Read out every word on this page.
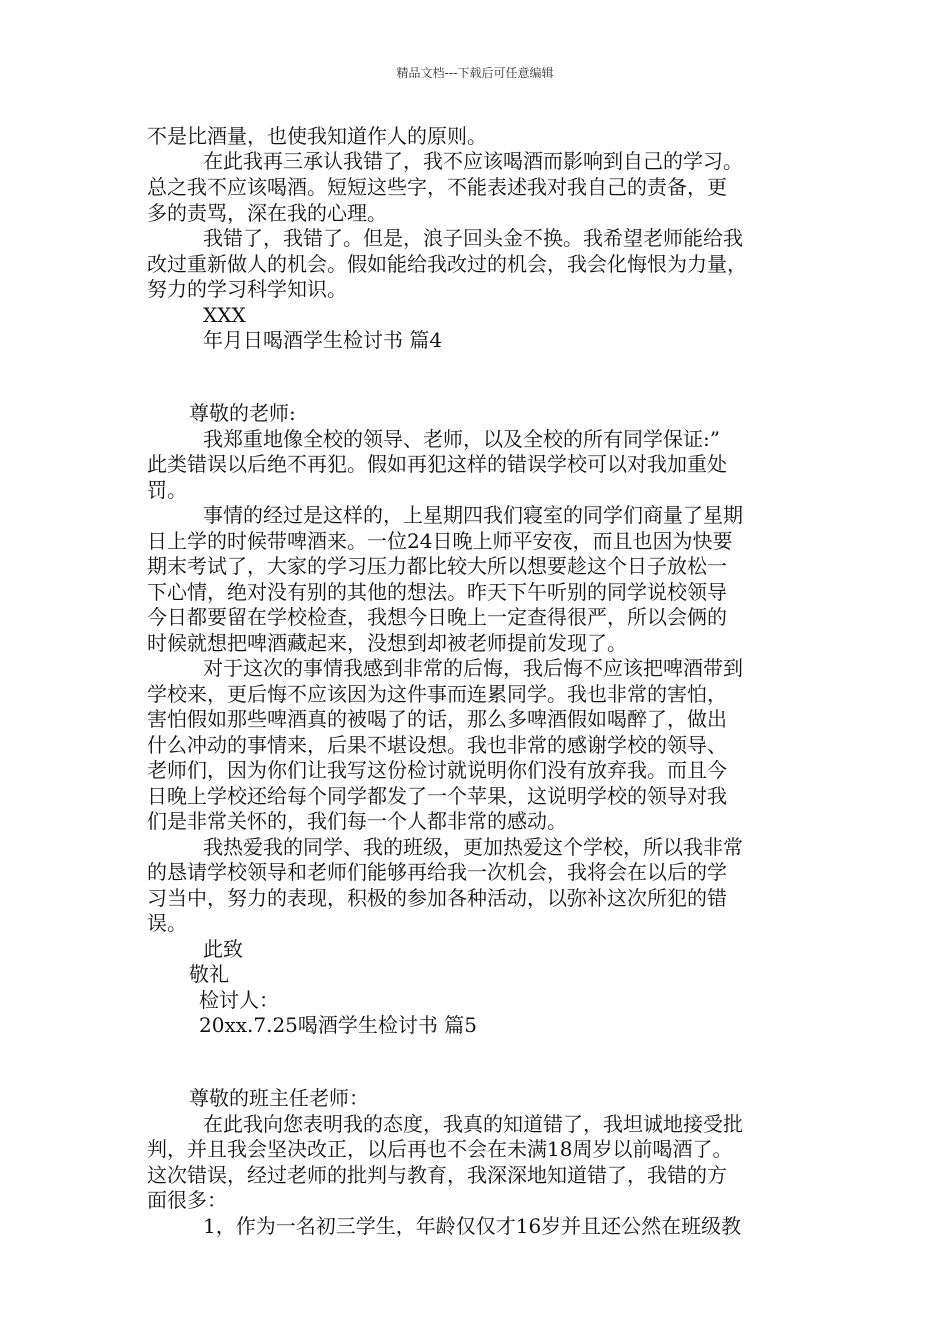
精品文档---下载后可任意编辑
不是比酒量，也使我知道作人的原则。
在此我再三承认我错了，我不应该喝酒而影响到自己的学习。
总之我不应该喝酒。短短这些字，不能表述我对我自己的责备，更
多的责骂，深在我的心理。
我错了，我错了。但是，浪子回头金不换。我希望老师能给我
改过重新做人的机会。假如能给我改过的机会，我会化悔恨为力量，
努力的学习科学知识。
XXX
年月日喝酒学生检讨书 篇4
尊敬的老师:
我郑重地像全校的领导、老师，以及全校的所有同学保证:”
此类错误以后绝不再犯。假如再犯这样的错误学校可以对我加重处
罚。
事情的经过是这样的，上星期四我们寝室的同学们商量了星期
日上学的时候带啤酒来。一位24日晚上师平安夜，而且也因为快要
期末考试了，大家的学习压力都比较大所以想要趁这个日子放松一
下心情，绝对没有别的其他的想法。昨天下午听别的同学说校领导
今日都要留在学校检查，我想今日晚上一定查得很严，所以会俩的
时候就想把啤酒藏起来，没想到却被老师提前发现了。
对于这次的事情我感到非常的后悔，我后悔不应该把啤酒带到
学校来，更后悔不应该因为这件事而连累同学。我也非常的害怕，
害怕假如那些啤酒真的被喝了的话，那么多啤酒假如喝醉了，做出
什么冲动的事情来，后果不堪设想。我也非常的感谢学校的领导、
老师们，因为你们让我写这份检讨就说明你们没有放弃我。而且今
日晚上学校还给每个同学都发了一个苹果，这说明学校的领导对我
们是非常关怀的，我们每一个人都非常的感动。
我热爱我的同学、我的班级，更加热爱这个学校，所以我非常
的恳请学校领导和老师们能够再给我一次机会，我将会在以后的学
习当中，努力的表现，积极的参加各种活动，以弥补这次所犯的错
误。
此致
敬礼
检讨人：
20xx.7.25喝酒学生检讨书 篇5
尊敬的班主任老师：
在此我向您表明我的态度，我真的知道错了，我坦诚地接受批
判，并且我会坚决改正，以后再也不会在未满18周岁以前喝酒了。
这次错误，经过老师的批判与教育，我深深地知道错了，我错的方
面很多：
1，作为一名初三学生，年龄仅仅才16岁并且还公然在班级教
